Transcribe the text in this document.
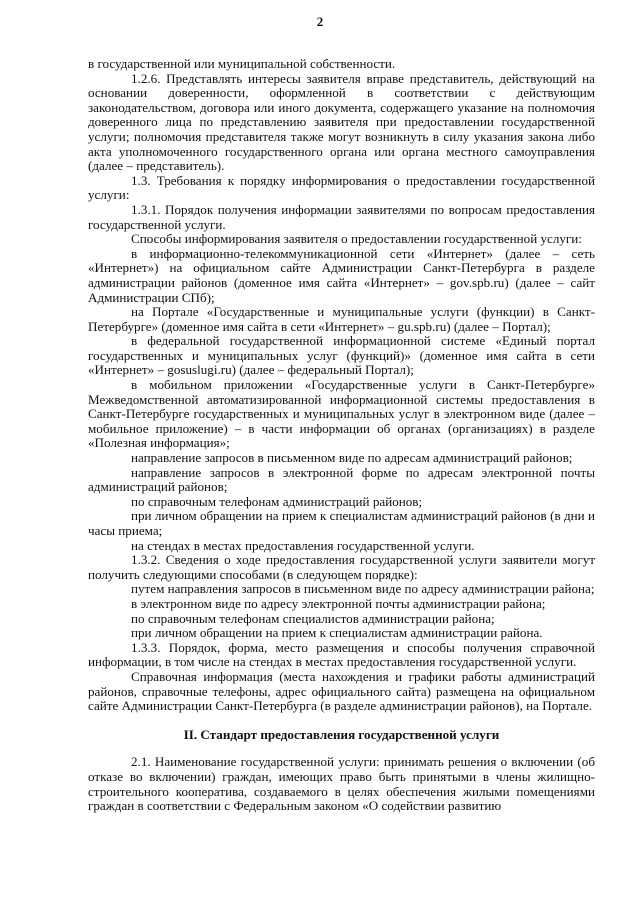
2

в государственной или муниципальной собственности.

1.2.6. Представлять интересы заявителя вправе представитель, действующий на основании доверенности, оформленной в соответствии с действующим законодательством, договора или иного документа, содержащего указание на полномочия доверенного лица по представлению заявителя при предоставлении государственной услуги; полномочия представителя также могут возникнуть в силу указания закона либо акта уполномоченного государственного органа или органа местного самоуправления (далее – представитель).

1.3. Требования к порядку информирования о предоставлении государственной услуги:

1.3.1. Порядок получения информации заявителями по вопросам предоставления государственной услуги.

Способы информирования заявителя о предоставлении государственной услуги:

в информационно-телекоммуникационной сети «Интернет» (далее – сеть «Интернет») на официальном сайте Администрации Санкт-Петербурга в разделе администрации районов (доменное имя сайта «Интернет» – gov.spb.ru) (далее – сайт Администрации СПб);

на Портале «Государственные и муниципальные услуги (функции) в Санкт-Петербурге» (доменное имя сайта в сети «Интернет» – gu.spb.ru) (далее – Портал);

в федеральной государственной информационной системе «Единый портал государственных и муниципальных услуг (функций)» (доменное имя сайта в сети «Интернет» – gosuslugi.ru) (далее – федеральный Портал);

в мобильном приложении «Государственные услуги в Санкт-Петербурге» Межведомственной автоматизированной информационной системы предоставления в Санкт-Петербурге государственных и муниципальных услуг в электронном виде (далее – мобильное приложение) – в части информации об органах (организациях) в разделе «Полезная информация»;

направление запросов в письменном виде по адресам администраций районов;

направление запросов в электронной форме по адресам электронной почты администраций районов;

по справочным телефонам администраций районов;

при личном обращении на прием к специалистам администраций районов (в дни и часы приема;

на стендах в местах предоставления государственной услуги.

1.3.2. Сведения о ходе предоставления государственной услуги заявители могут получить следующими способами (в следующем порядке):

путем направления запросов в письменном виде по адресу администрации района;

в электронном виде по адресу электронной почты администрации района;

по справочным телефонам специалистов администрации района;

при личном обращении на прием к специалистам администрации района.

1.3.3. Порядок, форма, место размещения и способы получения справочной информации, в том числе на стендах в местах предоставления государственной услуги.

Справочная информация (места нахождения и графики работы администраций районов, справочные телефоны, адрес официального сайта) размещена на официальном сайте Администрации Санкт-Петербурга (в разделе администрации районов), на Портале.

II. Стандарт предоставления государственной услуги

2.1. Наименование государственной услуги: принимать решения о включении (об отказе во включении) граждан, имеющих право быть принятыми в члены жилищно-строительного кооператива, создаваемого в целях обеспечения жилыми помещениями граждан в соответствии с Федеральным законом «О содействии развитию
